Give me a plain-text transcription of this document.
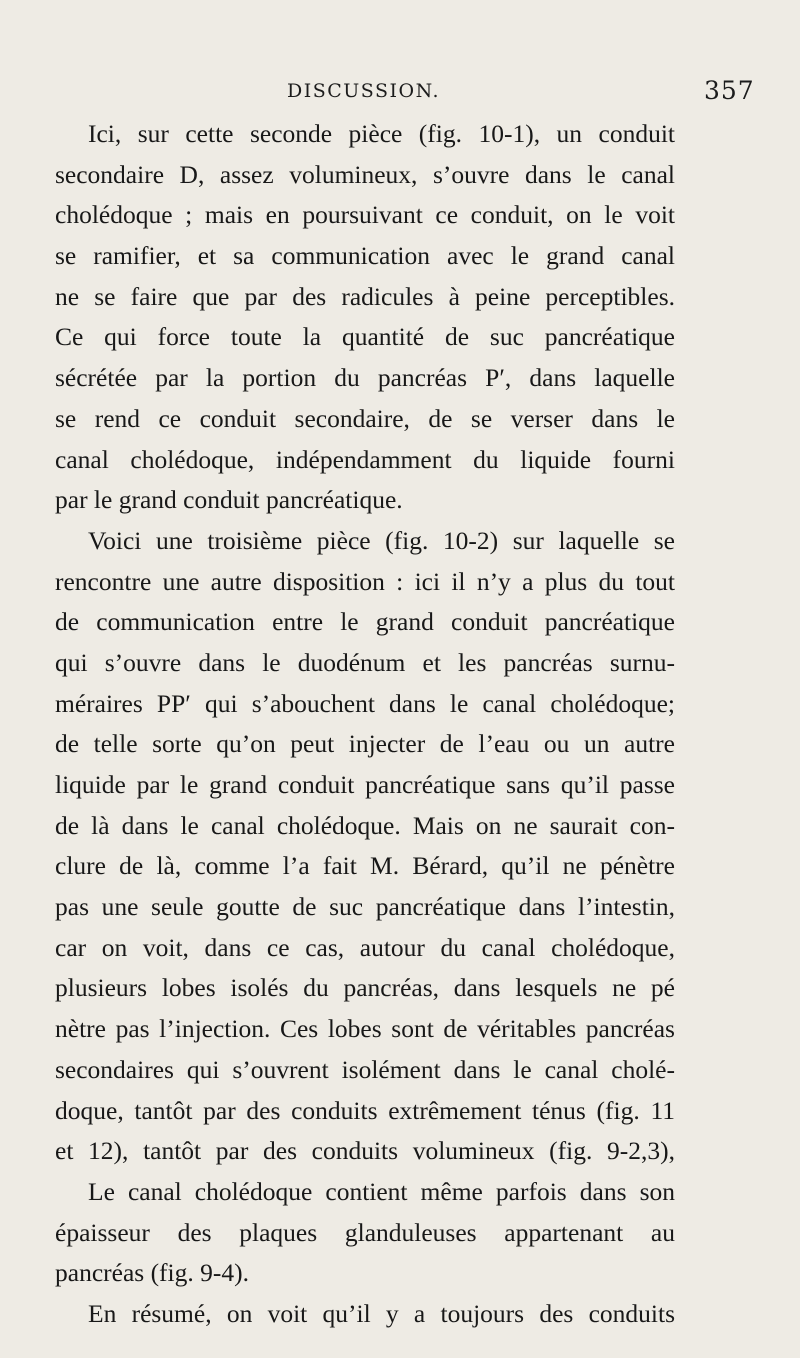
DISCUSSION.	357
Ici, sur cette seconde pièce (fig. 10-1), un conduit
secondaire D, assez volumineux, s’ouvre dans le canal
cholédoque ; mais en poursuivant ce conduit, on le voit
se ramifier, et sa communication avec le grand canal
ne se faire que par des radicules à peine perceptibles.
Ce qui force toute la quantité de suc pancréatique
sécrétée par la portion du pancréas P′, dans laquelle
se rend ce conduit secondaire, de se verser dans le
canal cholédoque, indépendamment du liquide fourni
par le grand conduit pancréatique.
Voici une troisième pièce (fig. 10-2) sur laquelle se
rencontre une autre disposition : ici il n’y a plus du tout
de communication entre le grand conduit pancréatique
qui s’ouvre dans le duodénum et les pancréas surnu-
méraires PP′ qui s’abouchent dans le canal cholédoque;
de telle sorte qu’on peut injecter de l’eau ou un autre
liquide par le grand conduit pancréatique sans qu’il passe
de là dans le canal cholédoque. Mais on ne saurait con-
clure de là, comme l’a fait M. Bérard, qu’il ne pénètre
pas une seule goutte de suc pancréatique dans l’intestin,
car on voit, dans ce cas, autour du canal cholédoque,
plusieurs lobes isolés du pancréas, dans lesquels ne pé
nètre pas l’injection. Ces lobes sont de véritables pancréas
secondaires qui s’ouvrent isolément dans le canal cholé-
doque, tantôt par des conduits extrêmement ténus (fig. 11
et 12), tantôt par des conduits volumineux (fig. 9-2,3),
Le canal cholédoque contient même parfois dans son
épaisseur des plaques glanduleuses appartenant au
pancréas (fig. 9-4).
En résumé, on voit qu’il y a toujours des conduits
